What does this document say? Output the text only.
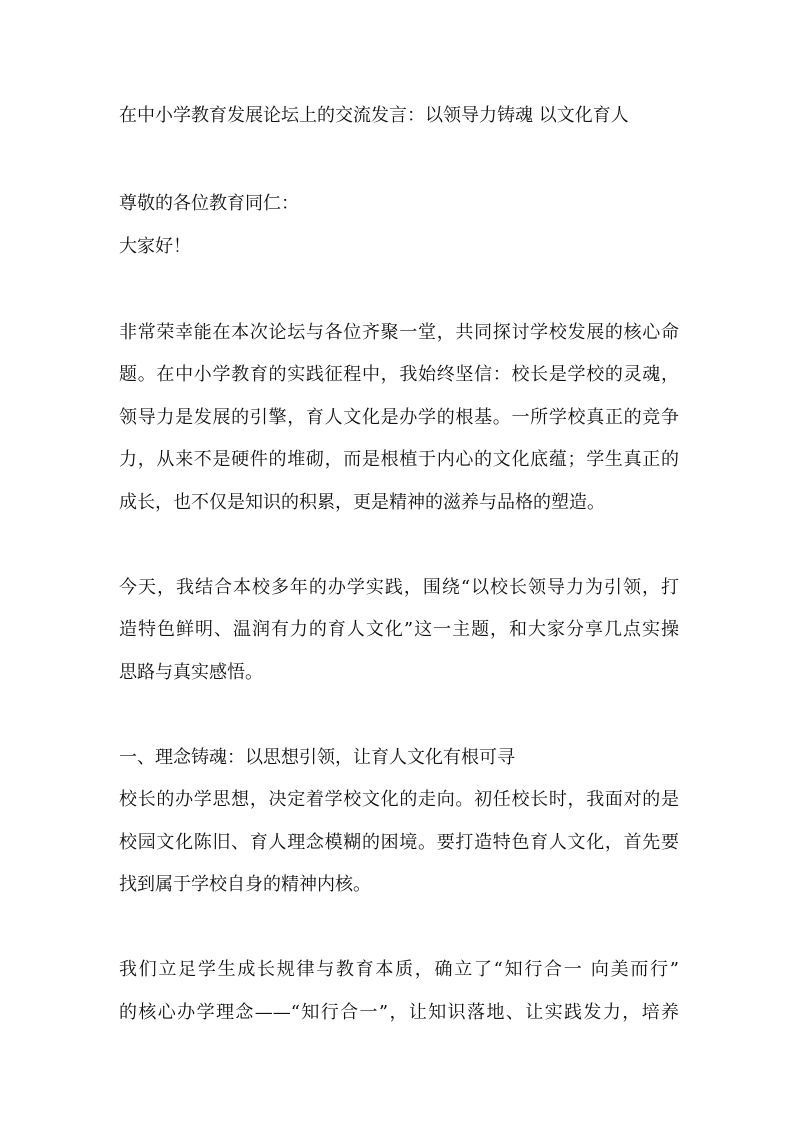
在中小学教育发展论坛上的交流发言：以领导力铸魂 以文化育人
尊敬的各位教育同仁：
大家好！
非常荣幸能在本次论坛与各位齐聚一堂，共同探讨学校发展的核心命
题。在中小学教育的实践征程中，我始终坚信：校长是学校的灵魂，
领导力是发展的引擎，育人文化是办学的根基。一所学校真正的竞争
力，从来不是硬件的堆砌，而是根植于内心的文化底蕴；学生真正的
成长，也不仅是知识的积累，更是精神的滋养与品格的塑造。
今天，我结合本校多年的办学实践，围绕“以校长领导力为引领，打
造特色鲜明、温润有力的育人文化”这一主题，和大家分享几点实操
思路与真实感悟。
一、理念铸魂：以思想引领，让育人文化有根可寻
校长的办学思想，决定着学校文化的走向。初任校长时，我面对的是
校园文化陈旧、育人理念模糊的困境。要打造特色育人文化，首先要
找到属于学校自身的精神内核。
我们立足学生成长规律与教育本质，确立了“知行合一 向美而行”
的核心办学理念——“知行合一”，让知识落地、让实践发力，培养
